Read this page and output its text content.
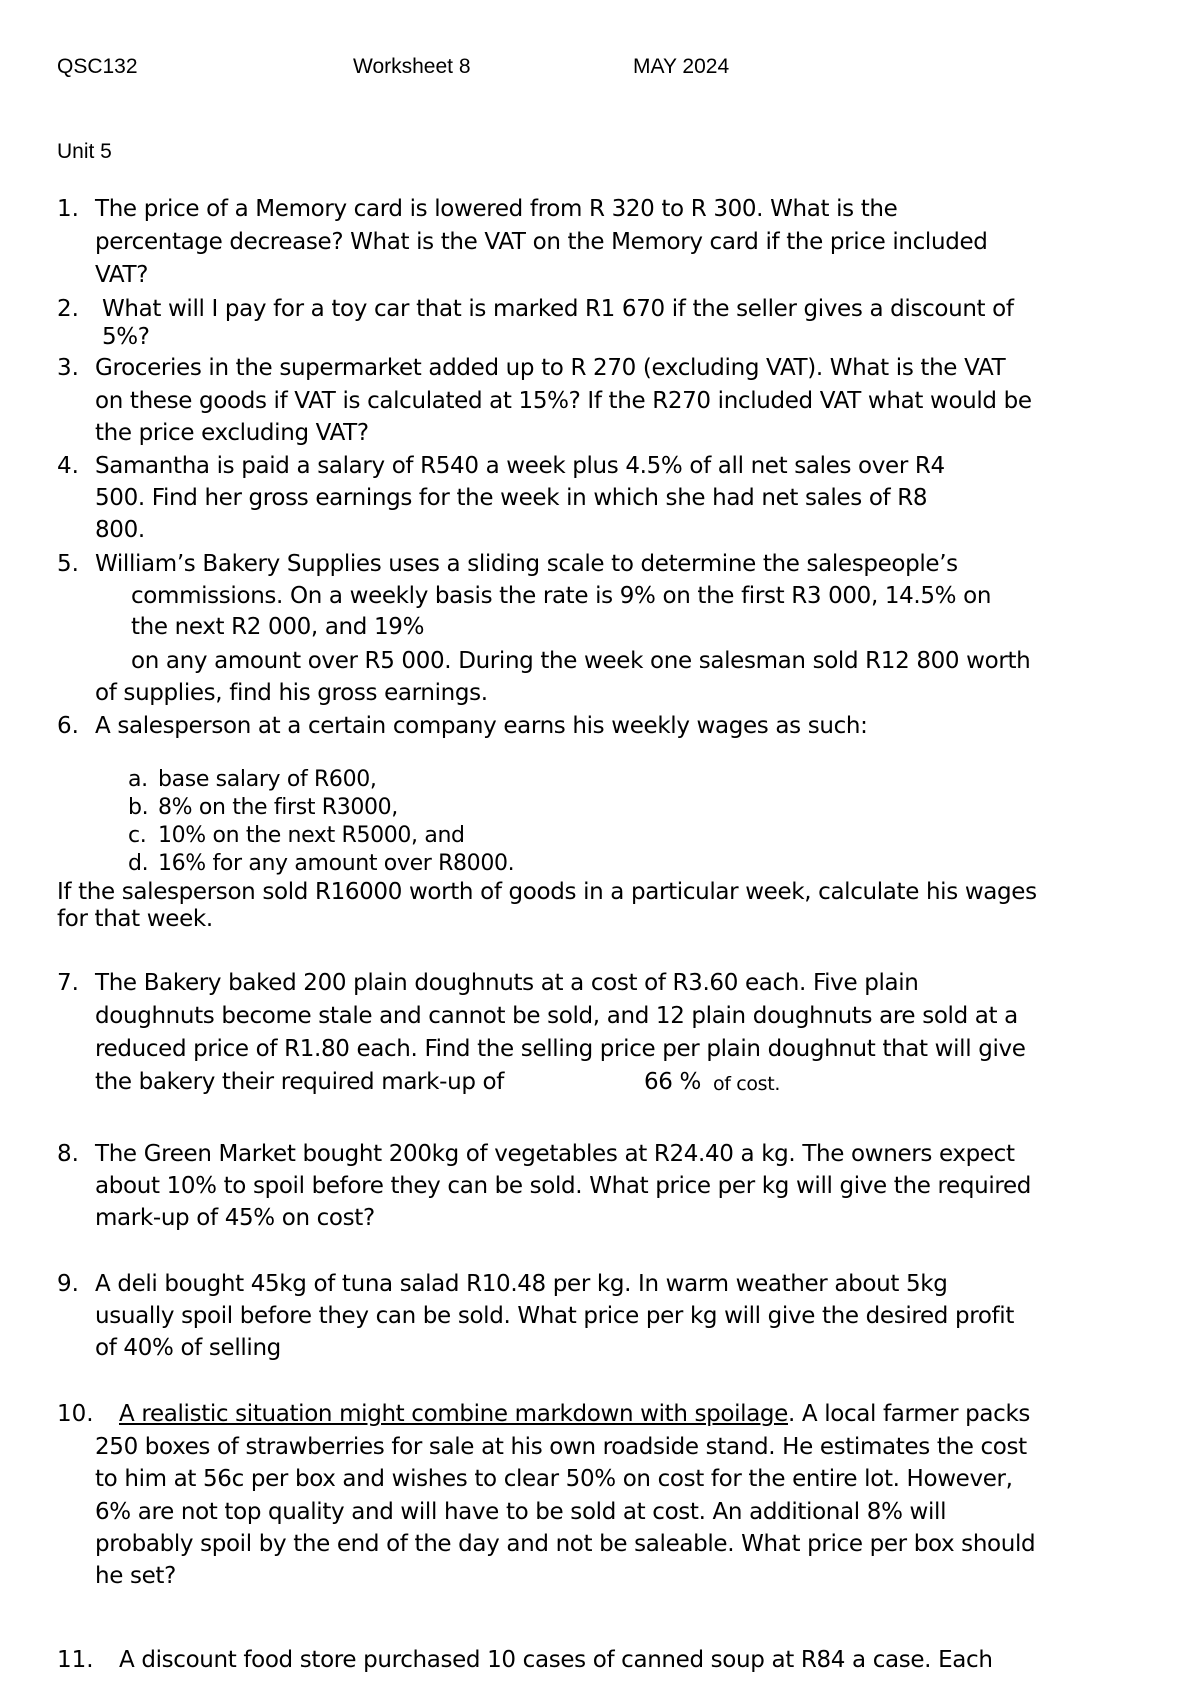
QSC132	Worksheet 8	MAY 2024
Unit 5
1. The price of a Memory card is lowered from R 320 to R 300. What is the
percentage decrease? What is the VAT on the Memory card if the price included
VAT?
2. What will I pay for a toy car that is marked R1 670 if the seller gives a discount of
5%?
3. Groceries in the supermarket added up to R 270 (excluding VAT). What is the VAT
on these goods if VAT is calculated at 15%? If the R270 included VAT what would be
the price excluding VAT?
4. Samantha is paid a salary of R540 a week plus 4.5% of all net sales over R4
500. Find her gross earnings for the week in which she had net sales of R8
800.
5. William’s Bakery Supplies uses a sliding scale to determine the salespeople’s
commissions. On a weekly basis the rate is 9% on the first R3 000, 14.5% on
the next R2 000, and 19%
on any amount over R5 000. During the week one salesman sold R12 800 worth
of supplies, find his gross earnings.
6. A salesperson at a certain company earns his weekly wages as such:
a. base salary of R600,
b. 8% on the first R3000,
c. 10% on the next R5000, and
d. 16% for any amount over R8000.
If the salesperson sold R16000 worth of goods in a particular week, calculate his wages
for that week.
7. The Bakery baked 200 plain doughnuts at a cost of R3.60 each. Five plain
doughnuts become stale and cannot be sold, and 12 plain doughnuts are sold at a
reduced price of R1.80 each. Find the selling price per plain doughnut that will give
the bakery their required mark-up of	66 % of cost.
8. The Green Market bought 200kg of vegetables at R24.40 a kg. The owners expect
about 10% to spoil before they can be sold. What price per kg will give the required
mark-up of 45% on cost?
9. A deli bought 45kg of tuna salad R10.48 per kg. In warm weather about 5kg
usually spoil before they can be sold. What price per kg will give the desired profit
of 40% of selling
10. A realistic situation might combine markdown with spoilage. A local farmer packs
250 boxes of strawberries for sale at his own roadside stand. He estimates the cost
to him at 56c per box and wishes to clear 50% on cost for the entire lot. However,
6% are not top quality and will have to be sold at cost. An additional 8% will
probably spoil by the end of the day and not be saleable. What price per box should
he set?
11. A discount food store purchased 10 cases of canned soup at R84 a case. Each
